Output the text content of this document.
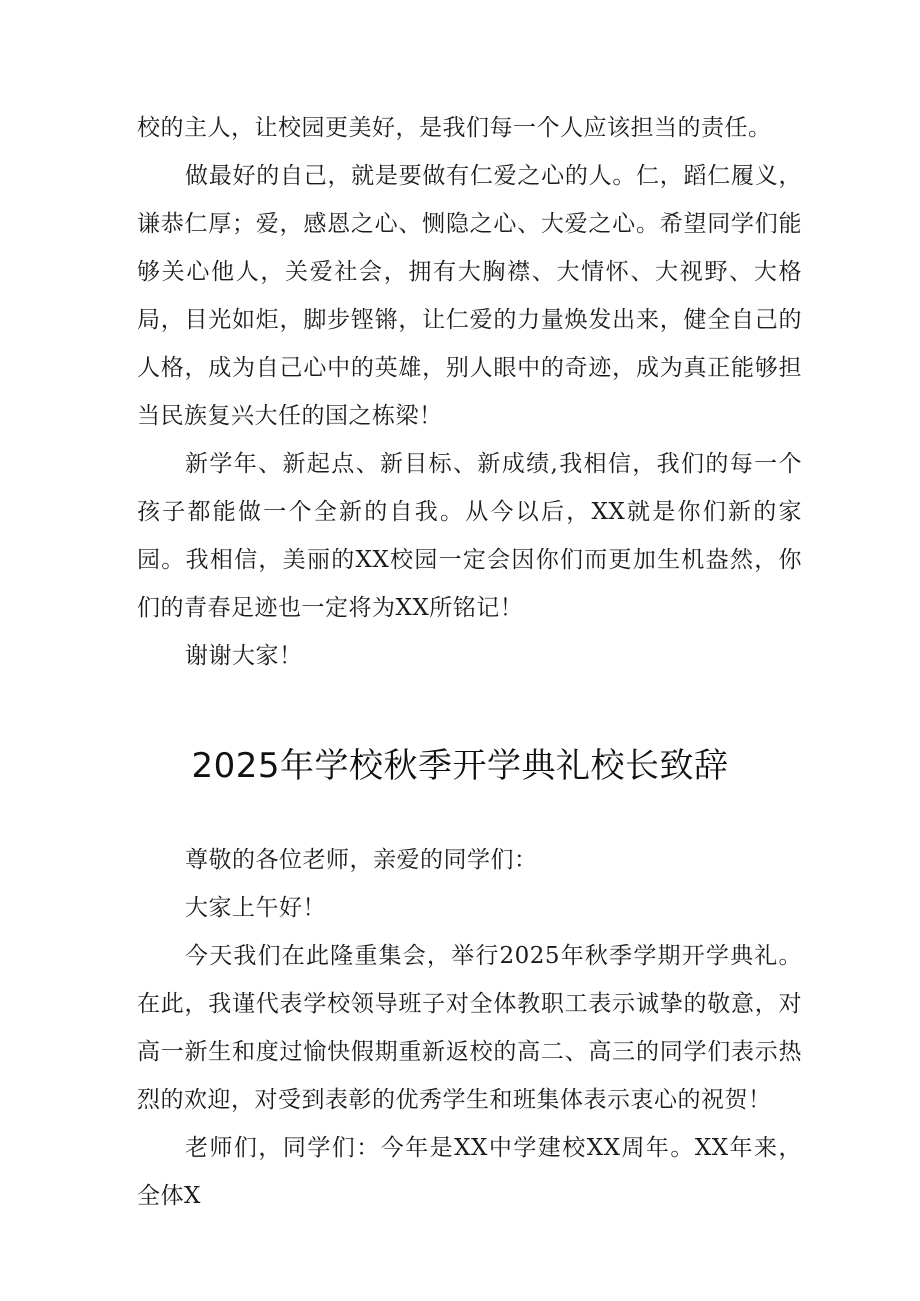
校的主人，让校园更美好，是我们每一个人应该担当的责任。

做最好的自己，就是要做有仁爱之心的人。仁，蹈仁履义，谦恭仁厚；爱，感恩之心、恻隐之心、大爱之心。希望同学们能够关心他人，关爱社会，拥有大胸襟、大情怀、大视野、大格局，目光如炬，脚步铿锵，让仁爱的力量焕发出来，健全自己的人格，成为自己心中的英雄，别人眼中的奇迹，成为真正能够担当民族复兴大任的国之栋梁！

新学年、新起点、新目标、新成绩,我相信，我们的每一个孩子都能做一个全新的自我。从今以后，XX就是你们新的家园。我相信，美丽的XX校园一定会因你们而更加生机盎然，你们的青春足迹也一定将为XX所铭记！

谢谢大家！

2025年学校秋季开学典礼校长致辞

尊敬的各位老师，亲爱的同学们：

大家上午好！

今天我们在此隆重集会，举行2025年秋季学期开学典礼。在此，我谨代表学校领导班子对全体教职工表示诚挚的敬意，对高一新生和度过愉快假期重新返校的高二、高三的同学们表示热烈的欢迎，对受到表彰的优秀学生和班集体表示衷心的祝贺！

老师们，同学们：今年是XX中学建校XX周年。XX年来，全体X
